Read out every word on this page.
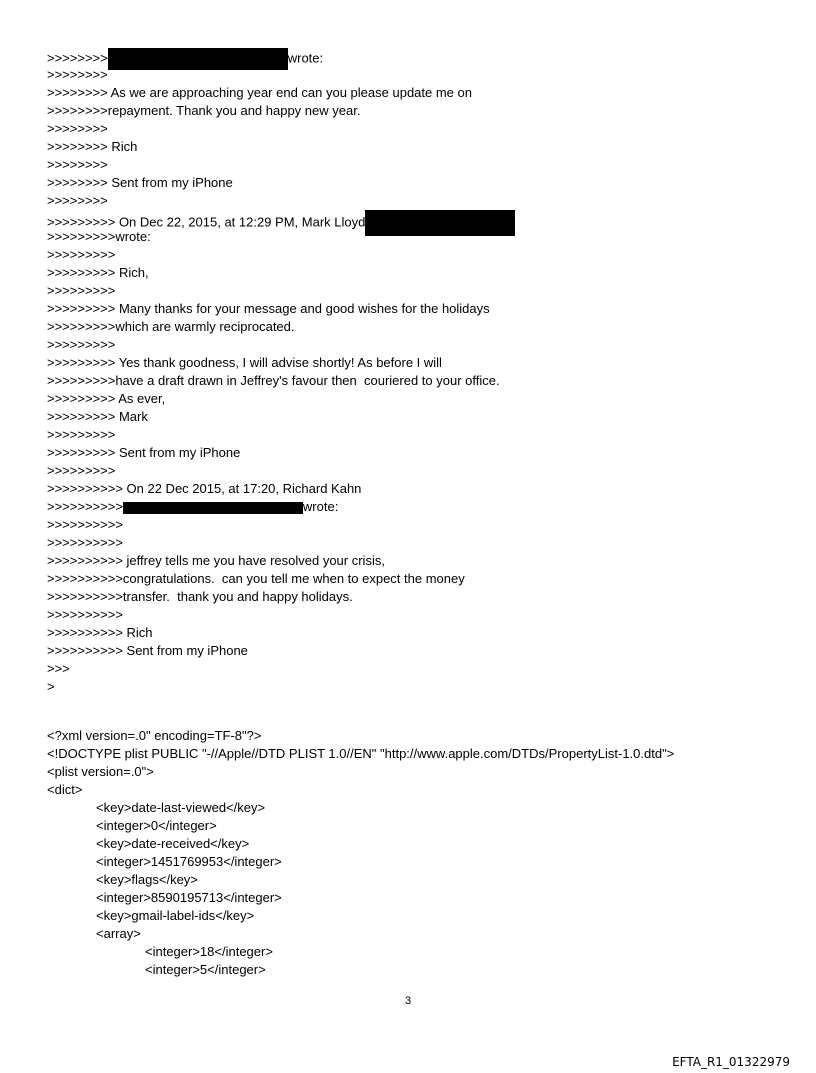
>>>>>>>>	wrote:
>>>>>>>>
>>>>>>>> As we are approaching year end can you please update me on
>>>>>>>>repayment. Thank you and happy new year.
>>>>>>>>
>>>>>>>> Rich
>>>>>>>>
>>>>>>>> Sent from my iPhone
>>>>>>>>
>>>>>>>>> On Dec 22, 2015, at 12:29 PM, Mark Lloyd
>>>>>>>>>wrote:
>>>>>>>>>
>>>>>>>>> Rich,
>>>>>>>>>
>>>>>>>>> Many thanks for your message and good wishes for the holidays
>>>>>>>>>which are warmly reciprocated.
>>>>>>>>>
>>>>>>>>> Yes thank goodness, I will advise shortly! As before I will
>>>>>>>>>have a draft drawn in Jeffrey's favour then  couriered to your office.
>>>>>>>>> As ever,
>>>>>>>>> Mark
>>>>>>>>>
>>>>>>>>> Sent from my iPhone
>>>>>>>>>
>>>>>>>>>> On 22 Dec 2015, at 17:20, Richard Kahn
>>>>>>>>>>	wrote:
>>>>>>>>>>
>>>>>>>>>>
>>>>>>>>>> jeffrey tells me you have resolved your crisis,
>>>>>>>>>>congratulations.  can you tell me when to expect the money
>>>>>>>>>>transfer.  thank you and happy holidays.
>>>>>>>>>>
>>>>>>>>>> Rich
>>>>>>>>>> Sent from my iPhone
>>>
>
<?xml version=.0" encoding=TF-8"?>
<!DOCTYPE plist PUBLIC "-//Apple//DTD PLIST 1.0//EN" "http://www.apple.com/DTDs/PropertyList-1.0.dtd">
<plist version=.0">
<dict>
<key>date-last-viewed</key>
<integer>0</integer>
<key>date-received</key>
<integer>1451769953</integer>
<key>flags</key>
<integer>8590195713</integer>
<key>gmail-label-ids</key>
<array>
<integer>18</integer>
<integer>5</integer>
3
EFTA_R1_01322979
